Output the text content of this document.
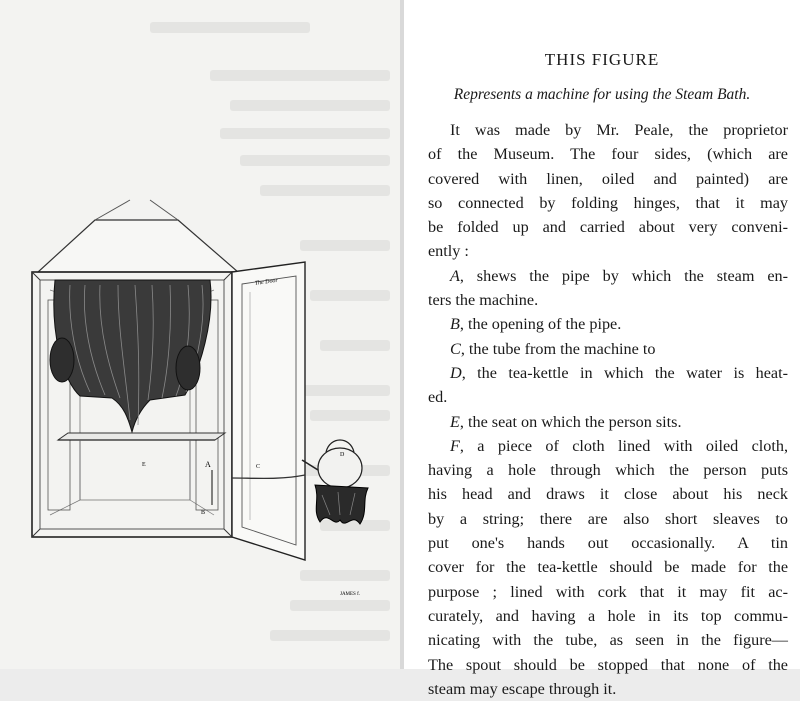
The Door
A
B
C
D
E
JAMES f.
THIS FIGURE
Represents a machine for using the Steam Bath.
It was made by Mr. Peale, the proprietor
of the Museum. The four sides, (which are
covered with linen, oiled and painted) are
so connected by folding hinges, that it may
be folded up and carried about very conveni-
ently :
A, shews the pipe by which the steam en-
ters the machine.
B, the opening of the pipe.
C, the tube from the machine to
D, the tea-kettle in which the water is heat-
ed.
E, the seat on which the person sits.
F, a piece of cloth lined with oiled cloth,
having a hole through which the person puts
his head and draws it close about his neck
by a string; there are also short sleaves to
put one's hands out occasionally. A tin
cover for the tea-kettle should be made for the
purpose ; lined with cork that it may fit ac-
curately, and having a hole in its top commu-
nicating with the tube, as seen in the figure—
The spout should be stopped that none of the
steam may escape through it.
